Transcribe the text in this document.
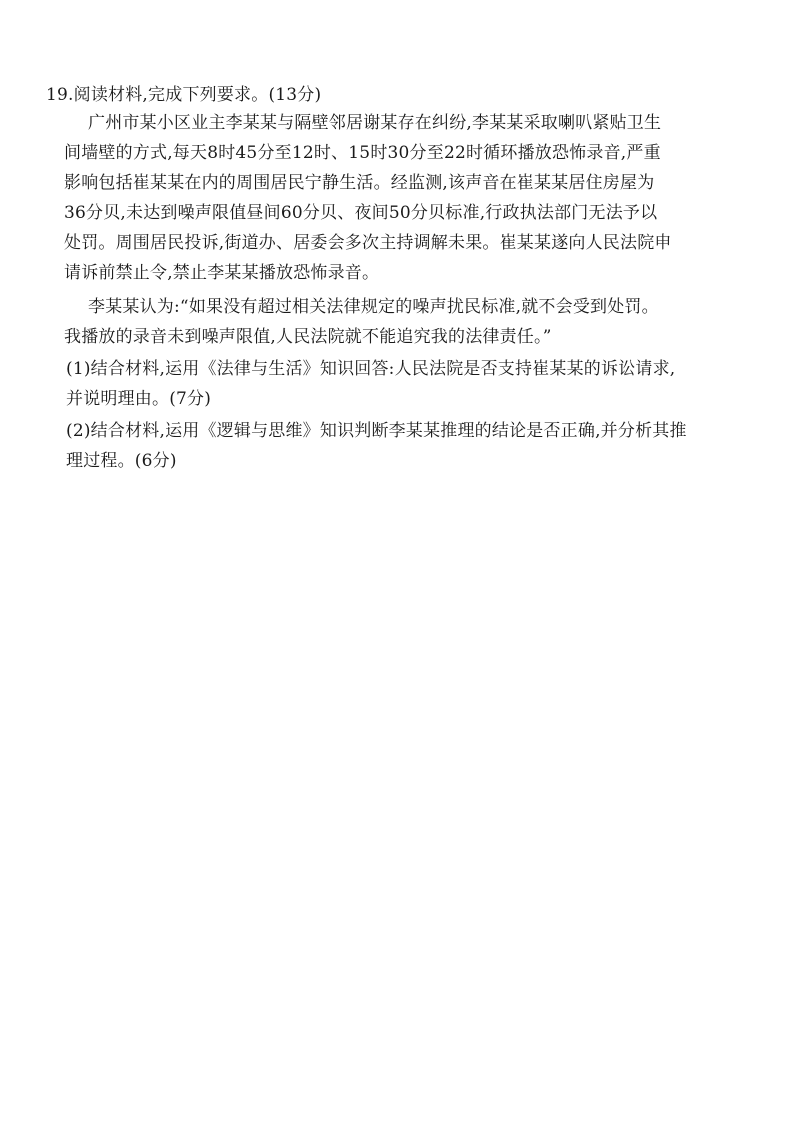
19.阅读材料,完成下列要求。(13分)
广州市某小区业主李某某与隔壁邻居谢某存在纠纷,李某某采取喇叭紧贴卫生
间墙壁的方式,每天8时45分至12时、15时30分至22时循环播放恐怖录音,严重
影响包括崔某某在内的周围居民宁静生活。经监测,该声音在崔某某居住房屋为
36分贝,未达到噪声限值昼间60分贝、夜间50分贝标准,行政执法部门无法予以
处罚。周围居民投诉,街道办、居委会多次主持调解未果。崔某某遂向人民法院申
请诉前禁止令,禁止李某某播放恐怖录音。
李某某认为:“如果没有超过相关法律规定的噪声扰民标准,就不会受到处罚。
我播放的录音未到噪声限值,人民法院就不能追究我的法律责任。”
(1)结合材料,运用《法律与生活》知识回答:人民法院是否支持崔某某的诉讼请求,
并说明理由。(7分)
(2)结合材料,运用《逻辑与思维》知识判断李某某推理的结论是否正确,并分析其推
理过程。(6分)
